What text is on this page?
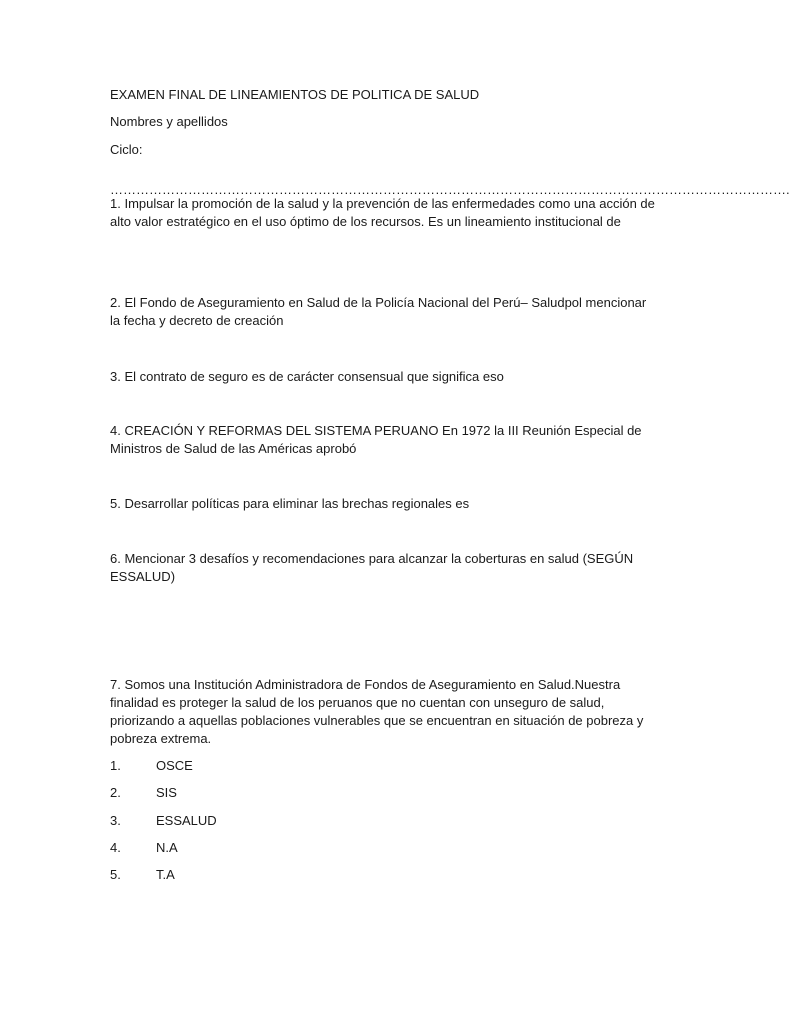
EXAMEN FINAL DE LINEAMIENTOS DE POLITICA DE SALUD

Nombres y apellidos

Ciclo:

………………………………………………………………………………………………………………………………………….

1. Impulsar la promoción de la salud y la prevención de las enfermedades como una acción de alto valor estratégico en el uso óptimo de los recursos. Es un lineamiento institucional de

2. El Fondo de Aseguramiento en Salud de la Policía Nacional del Perú– Saludpol mencionar la fecha y decreto de creación

3. El contrato de seguro es de carácter consensual que significa eso

4. CREACIÓN Y REFORMAS DEL SISTEMA PERUANO En 1972 la III Reunión Especial de Ministros de Salud de las Américas aprobó

5. Desarrollar políticas para eliminar las brechas regionales es

6. Mencionar 3 desafíos y recomendaciones para alcanzar la coberturas en salud (SEGÚN ESSALUD)

7. Somos una Institución Administradora de Fondos de Aseguramiento en Salud.Nuestra finalidad es proteger la salud de los peruanos que no cuentan con unseguro de salud, priorizando a aquellas poblaciones vulnerables que se encuentran en situación de pobreza y pobreza extrema.

1.	OSCE
2.	SIS
3.	ESSALUD
4.	N.A
5.	T.A
